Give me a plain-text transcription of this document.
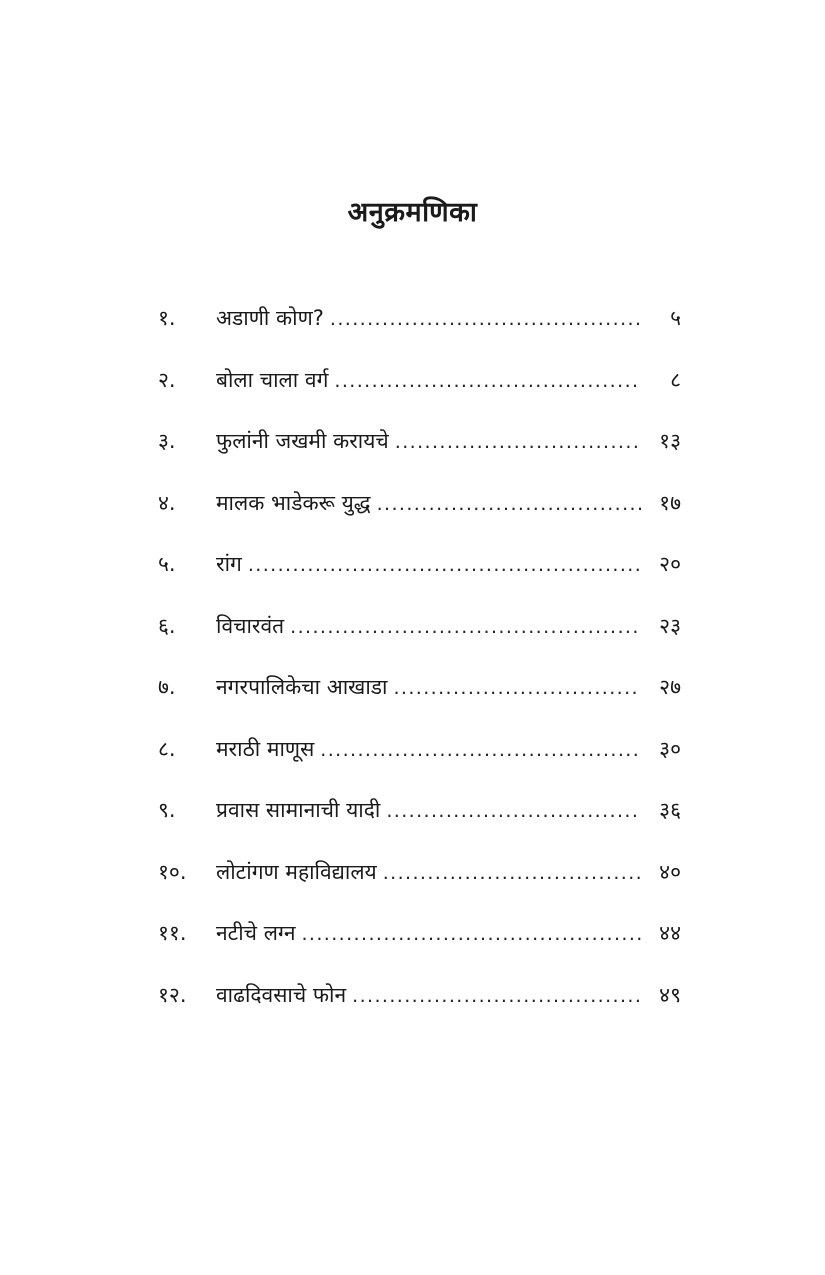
अनुक्रमणिका
१.	अडाणी कोण? .....	५
२.	बोला चाला वर्ग .....	८
३.	फुलांनी जखमी करायचे .....	१३
४.	मालक भाडेकरू युद्ध .....	१७
५.	रांग .....	२०
६.	विचारवंत .....	२३
७.	नगरपालिकेचा आखाडा .....	२७
८.	मराठी माणूस .....	३०
९.	प्रवास सामानाची यादी .....	३६
१०.	लोटांगण महाविद्यालय .....	४०
११.	नटीचे लग्न .....	४४
१२.	वाढदिवसाचे फोन .....	४९
